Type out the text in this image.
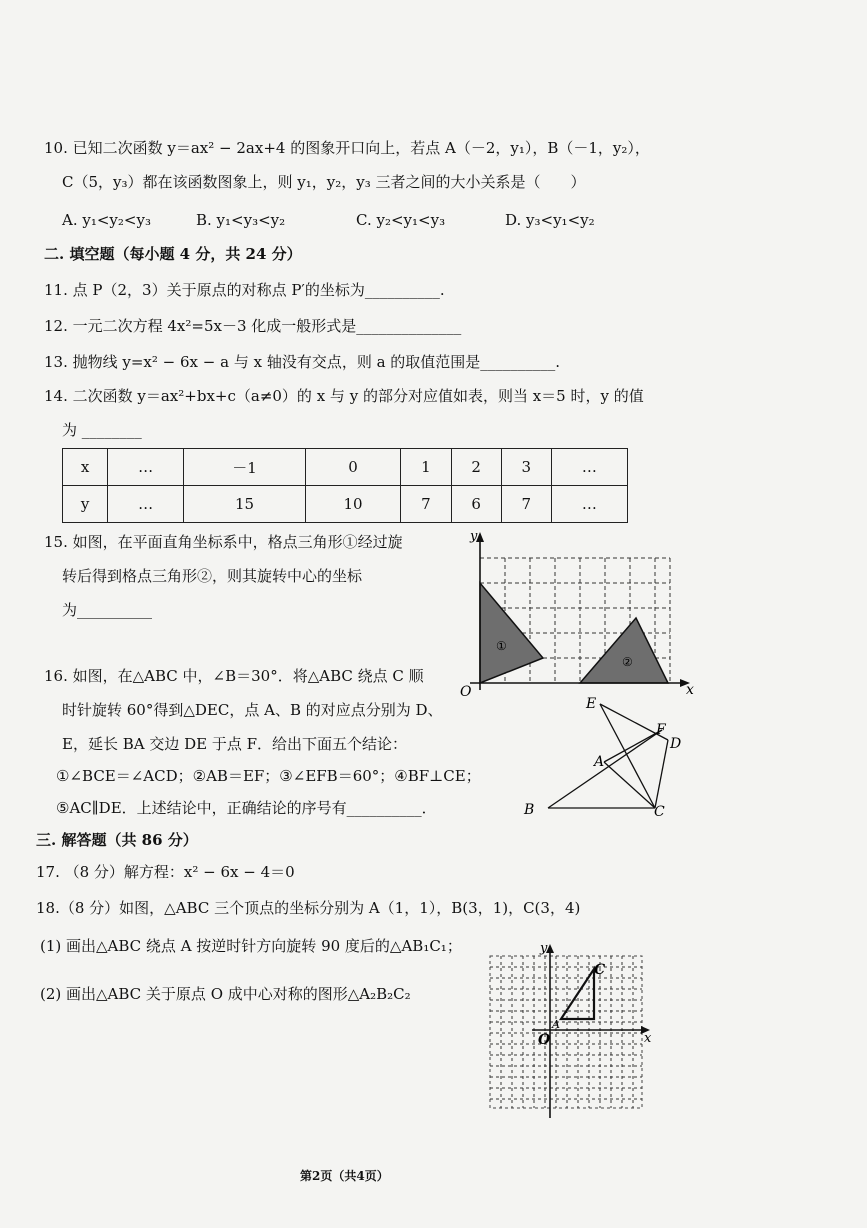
10. 已知二次函数 y＝ax² − 2ax+4 的图象开口向上，若点 A（－2，y₁），B（－1，y₂），
C（5，y₃）都在该函数图象上，则 y₁，y₂，y₃ 三者之间的大小关系是（　　）
A. y₁<y₂<y₃	B. y₁<y₃<y₂	C. y₂<y₁<y₃	D. y₃<y₁<y₂
二. 填空题（每小题 4 分，共 24 分）
11. 点 P（2，3）关于原点的对称点 P′的坐标为__________.
12. 一元二次方程 4x²=5x－3 化成一般形式是______________
13. 抛物线 y=x² − 6x − a 与 x 轴没有交点，则 a 的取值范围是__________.
14. 二次函数 y＝ax²+bx+c（a≠0）的 x 与 y 的部分对应值如表，则当 x＝5 时，y 的值
为 ________
x	…	－1	0	1	2	3	…
y	…	15	10	7	6	7	…
15. 如图，在平面直角坐标系中，格点三角形①经过旋
转后得到格点三角形②，则其旋转中心的坐标
为__________
y
x
O
①
②
16. 如图，在△ABC 中，∠B＝30°．将△ABC 绕点 C 顺
时针旋转 60°得到△DEC，点 A、B 的对应点分别为 D、
E，延长 BA 交边 DE 于点 F．给出下面五个结论：
①∠BCE＝∠ACD；②AB＝EF；③∠EFB＝60°；④BF⊥CE；
⑤AC∥DE．上述结论中，正确结论的序号有__________．
E
F
D
A
B	C
三. 解答题（共 86 分）
17. （8 分）解方程：x² − 6x − 4＝0
18.（8 分）如图，△ABC 三个顶点的坐标分别为 A（1，1），B(3，1)，C(3，4)
(1) 画出△ABC 绕点 A 按逆时针方向旋转 90 度后的△AB₁C₁；
(2) 画出△ABC 关于原点 O 成中心对称的图形△A₂B₂C₂
y
x
O
C
A
第2页（共4页）
